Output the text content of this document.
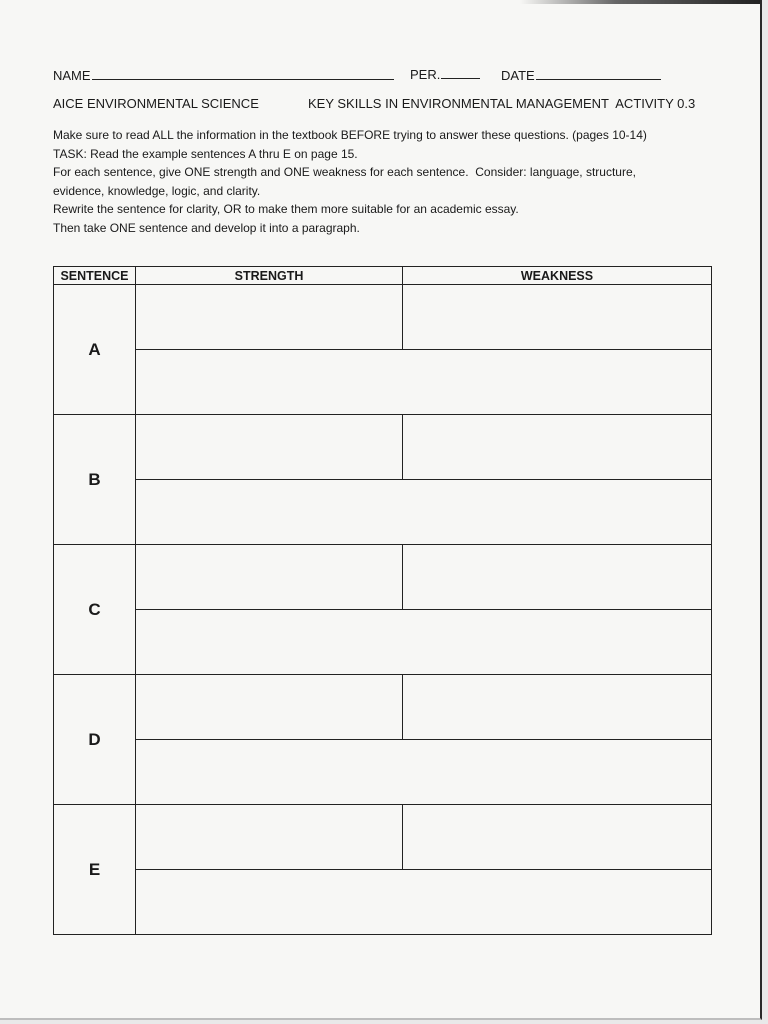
NAME	PER.	DATE
AICE ENVIRONMENTAL SCIENCE	KEY SKILLS IN ENVIRONMENTAL MANAGEMENT  ACTIVITY 0.3
Make sure to read ALL the information in the textbook BEFORE trying to answer these questions. (pages 10-14)
TASK: Read the example sentences A thru E on page 15.
For each sentence, give ONE strength and ONE weakness for each sentence.  Consider: language, structure,
evidence, knowledge, logic, and clarity.
Rewrite the sentence for clarity, OR to make them more suitable for an academic essay.
Then take ONE sentence and develop it into a paragraph.
SENTENCE	STRENGTH	WEAKNESS
A		

B		

C		

D		

E		
